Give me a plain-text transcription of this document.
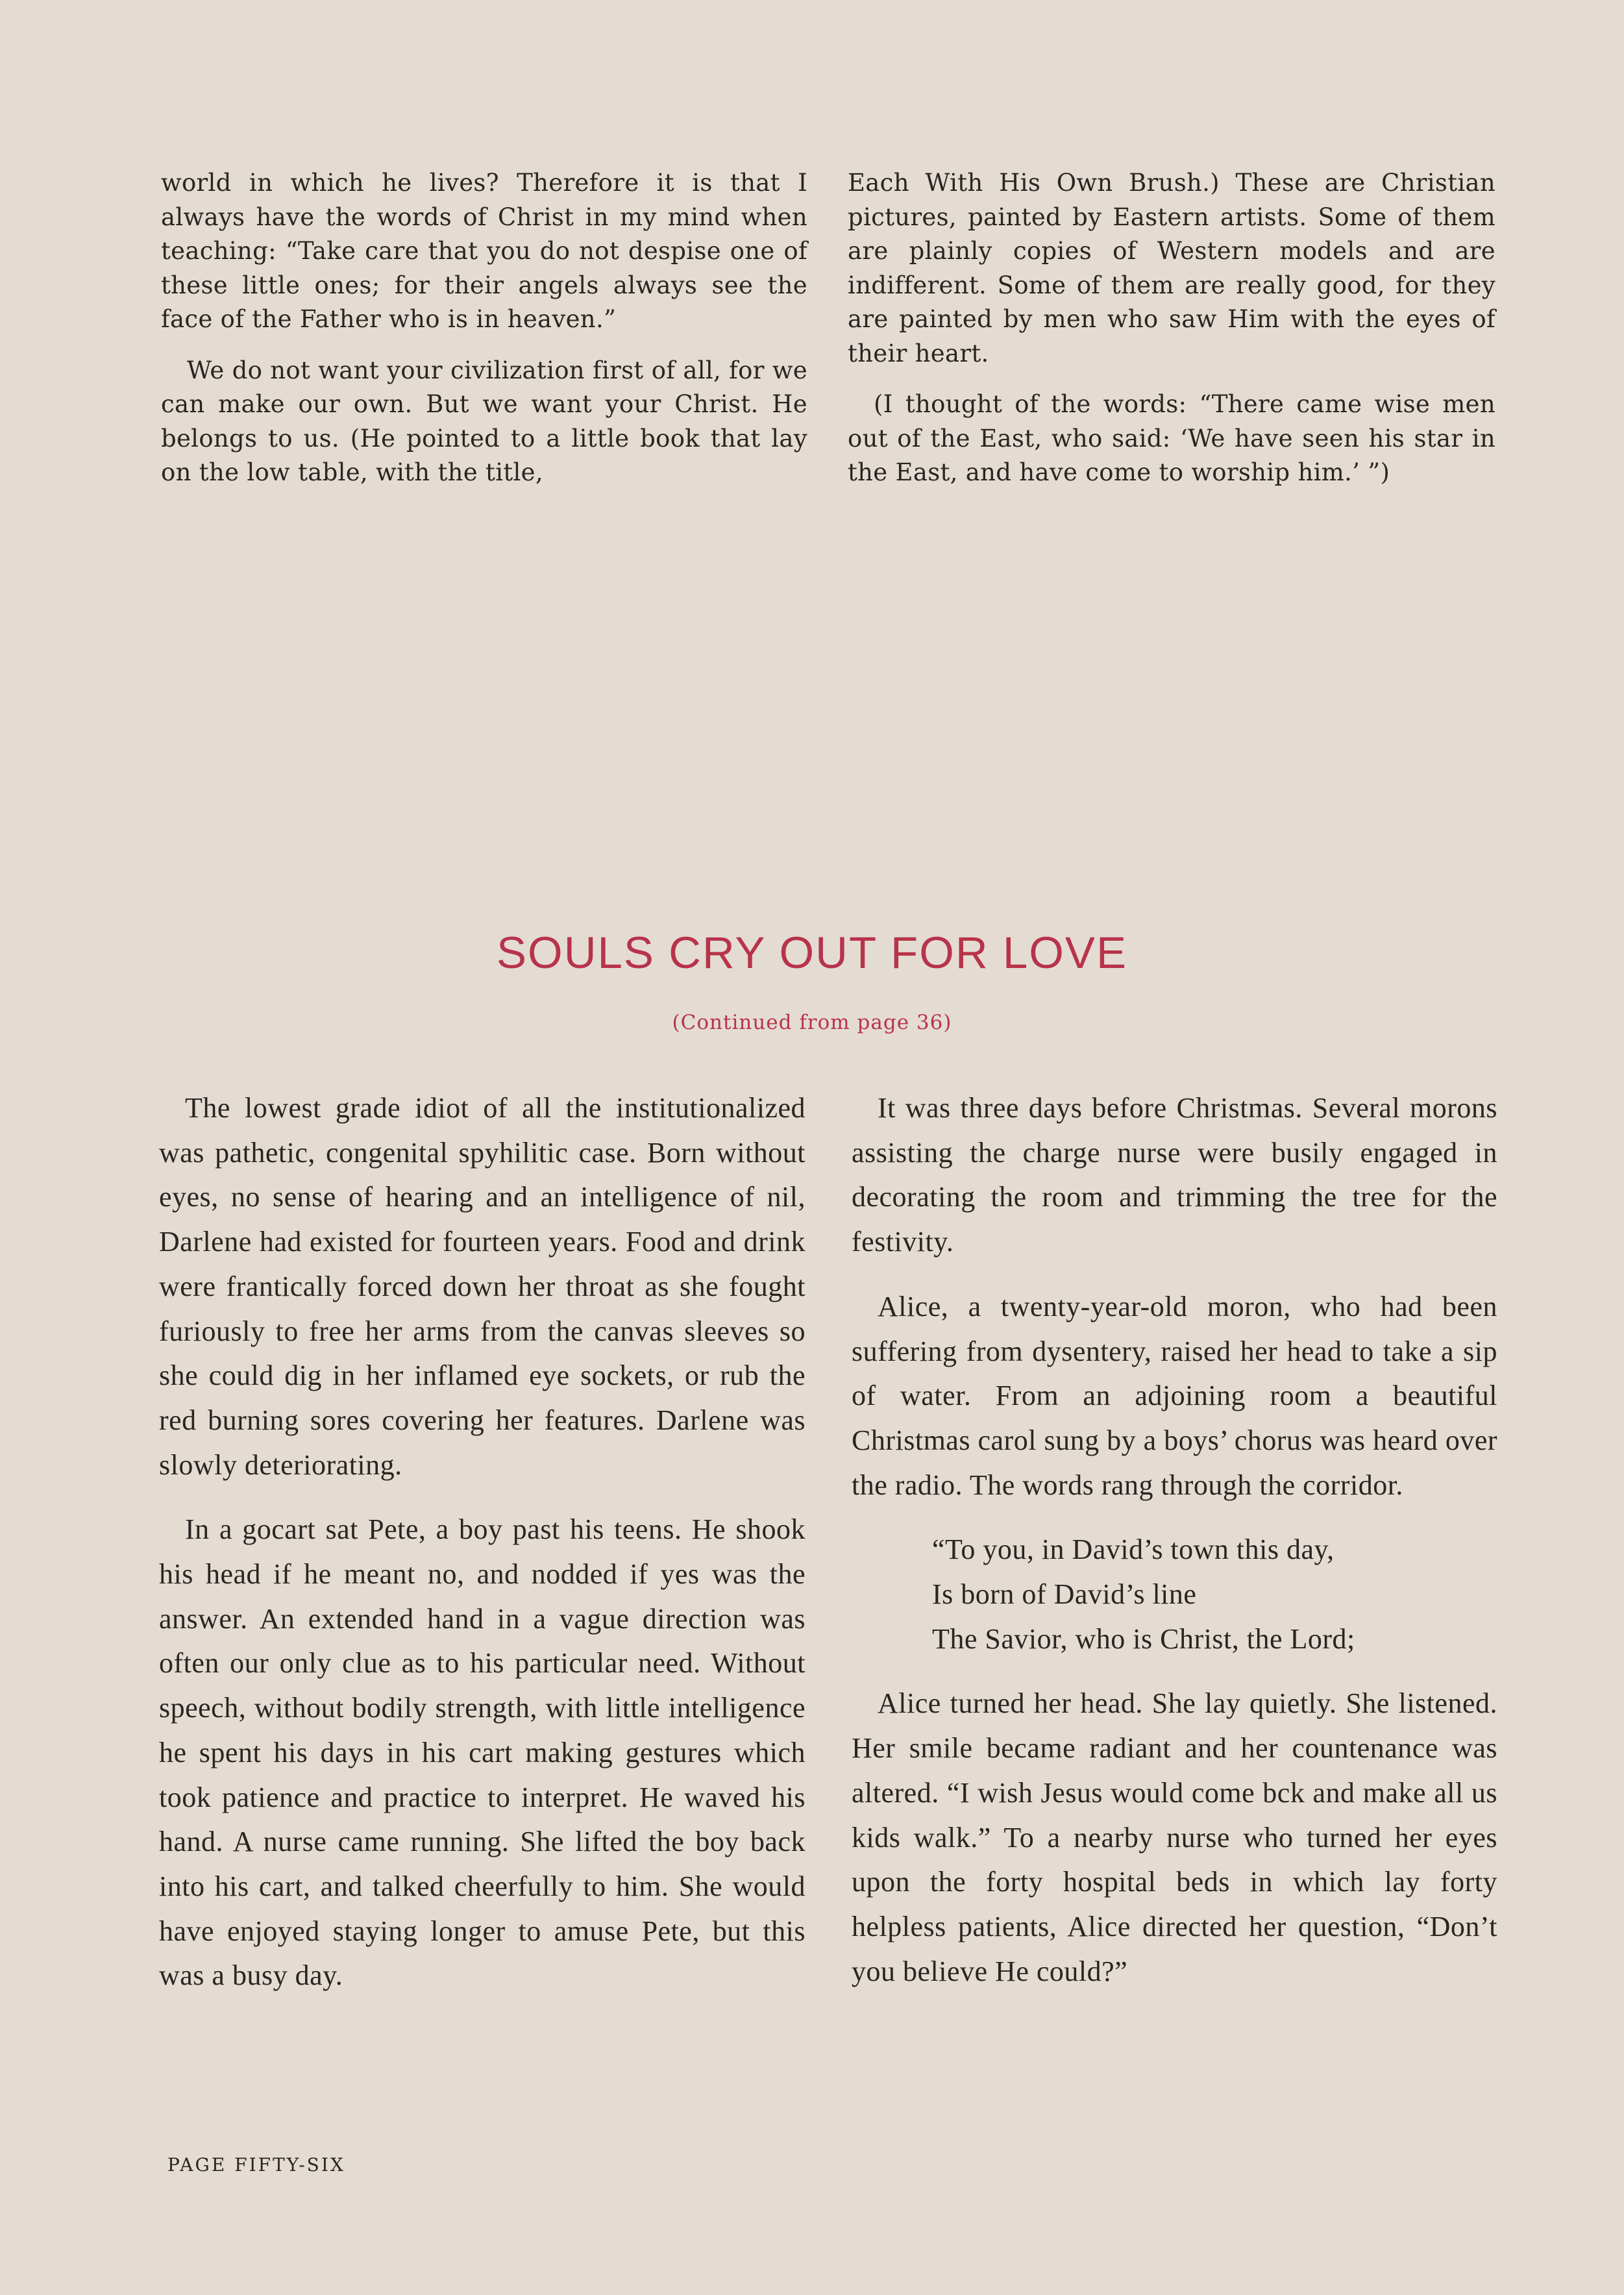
world in which he lives? Therefore it is that I always have the words of Christ in my mind when teaching: “Take care that you do not despise one of these little ones; for their angels always see the face of the Father who is in heaven.”

We do not want your civilization first of all, for we can make our own. But we want your Christ. He belongs to us. (He pointed to a little book that lay on the low table, with the title,

Each With His Own Brush.) These are Christian pictures, painted by Eastern artists. Some of them are plainly copies of Western models and are indifferent. Some of them are really good, for they are painted by men who saw Him with the eyes of their heart.

(I thought of the words: “There came wise men out of the East, who said: ‘We have seen his star in the East, and have come to worship him.’ ”)

SOULS CRY OUT FOR LOVE
(Continued from page 36)

The lowest grade idiot of all the institutionalized was pathetic, congenital spyhilitic case. Born without eyes, no sense of hearing and an intelligence of nil, Darlene had existed for fourteen years. Food and drink were frantically forced down her throat as she fought furiously to free her arms from the canvas sleeves so she could dig in her inflamed eye sockets, or rub the red burning sores covering her features. Darlene was slowly deteriorating.

In a gocart sat Pete, a boy past his teens. He shook his head if he meant no, and nodded if yes was the answer. An extended hand in a vague direction was often our only clue as to his particular need. Without speech, without bodily strength, with little intelligence he spent his days in his cart making gestures which took patience and practice to interpret. He waved his hand. A nurse came running. She lifted the boy back into his cart, and talked cheerfully to him. She would have enjoyed staying longer to amuse Pete, but this was a busy day.

It was three days before Christmas. Several morons assisting the charge nurse were busily engaged in decorating the room and trimming the tree for the festivity.

Alice, a twenty-year-old moron, who had been suffering from dysentery, raised her head to take a sip of water. From an adjoining room a beautiful Christmas carol sung by a boys’ chorus was heard over the radio. The words rang through the corridor.

“To you, in David’s town this day,
Is born of David’s line
The Savior, who is Christ, the Lord;

Alice turned her head. She lay quietly. She listened. Her smile became radiant and her countenance was altered. “I wish Jesus would come bck and make all us kids walk.” To a nearby nurse who turned her eyes upon the forty hospital beds in which lay forty helpless patients, Alice directed her question, “Don’t you believe He could?”

PAGE FIFTY-SIX
